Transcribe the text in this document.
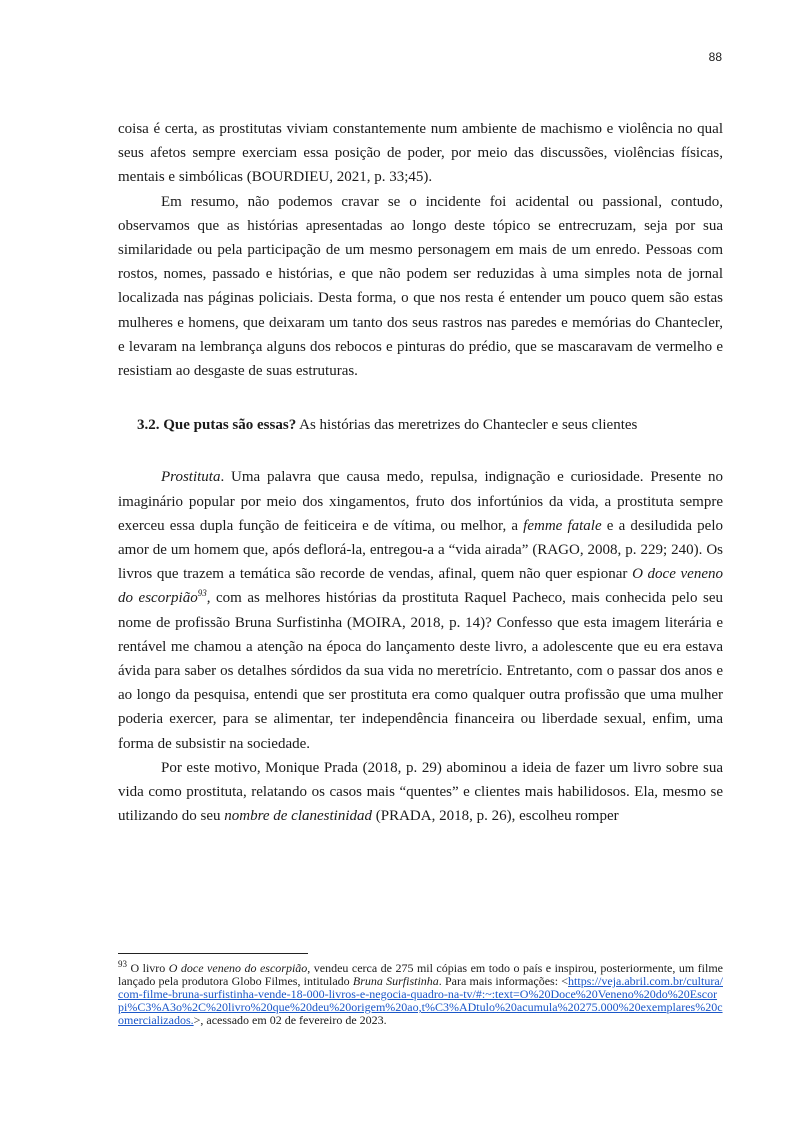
88

coisa é certa, as prostitutas viviam constantemente num ambiente de machismo e violência no qual seus afetos sempre exerciam essa posição de poder, por meio das discussões, violências físicas, mentais e simbólicas (BOURDIEU, 2021, p. 33;45).

Em resumo, não podemos cravar se o incidente foi acidental ou passional, contudo, observamos que as histórias apresentadas ao longo deste tópico se entrecruzam, seja por sua similaridade ou pela participação de um mesmo personagem em mais de um enredo. Pessoas com rostos, nomes, passado e histórias, e que não podem ser reduzidas à uma simples nota de jornal localizada nas páginas policiais. Desta forma, o que nos resta é entender um pouco quem são estas mulheres e homens, que deixaram um tanto dos seus rastros nas paredes e memórias do Chantecler, e levaram na lembrança alguns dos rebocos e pinturas do prédio, que se mascaravam de vermelho e resistiam ao desgaste de suas estruturas.

3.2. Que putas são essas? As histórias das meretrizes do Chantecler e seus clientes

Prostituta. Uma palavra que causa medo, repulsa, indignação e curiosidade. Presente no imaginário popular por meio dos xingamentos, fruto dos infortúnios da vida, a prostituta sempre exerceu essa dupla função de feiticeira e de vítima, ou melhor, a femme fatale e a desiludida pelo amor de um homem que, após deflorá-la, entregou-a a “vida airada” (RAGO, 2008, p. 229; 240). Os livros que trazem a temática são recorde de vendas, afinal, quem não quer espionar O doce veneno do escorpião$^{93}$, com as melhores histórias da prostituta Raquel Pacheco, mais conhecida pelo seu nome de profissão Bruna Surfistinha (MOIRA, 2018, p. 14)? Confesso que esta imagem literária e rentável me chamou a atenção na época do lançamento deste livro, a adolescente que eu era estava ávida para saber os detalhes sórdidos da sua vida no meretrício. Entretanto, com o passar dos anos e ao longo da pesquisa, entendi que ser prostituta era como qualquer outra profissão que uma mulher poderia exercer, para se alimentar, ter independência financeira ou liberdade sexual, enfim, uma forma de subsistir na sociedade.

Por este motivo, Monique Prada (2018, p. 29) abominou a ideia de fazer um livro sobre sua vida como prostituta, relatando os casos mais “quentes” e clientes mais habilidosos. Ela, mesmo se utilizando do seu nombre de clanestinidad (PRADA, 2018, p. 26), escolheu romper

$^{93}$ O livro O doce veneno do escorpião, vendeu cerca de 275 mil cópias em todo o país e inspirou, posteriormente, um filme lançado pela produtora Globo Filmes, intitulado Bruna Surfistinha. Para mais informações: <https://veja.abril.com.br/cultura/com-filme-bruna-surfistinha-vende-18-000-livros-e-negocia-quadro-na-tv/#:~:text=O%20Doce%20Veneno%20do%20Escorpi%C3%A3o%2C%20livro%20que%20deu%20origem%20ao,t%C3%ADtulo%20acumula%20275.000%20exemplares%20comercializados.>, acessado em 02 de fevereiro de 2023.
